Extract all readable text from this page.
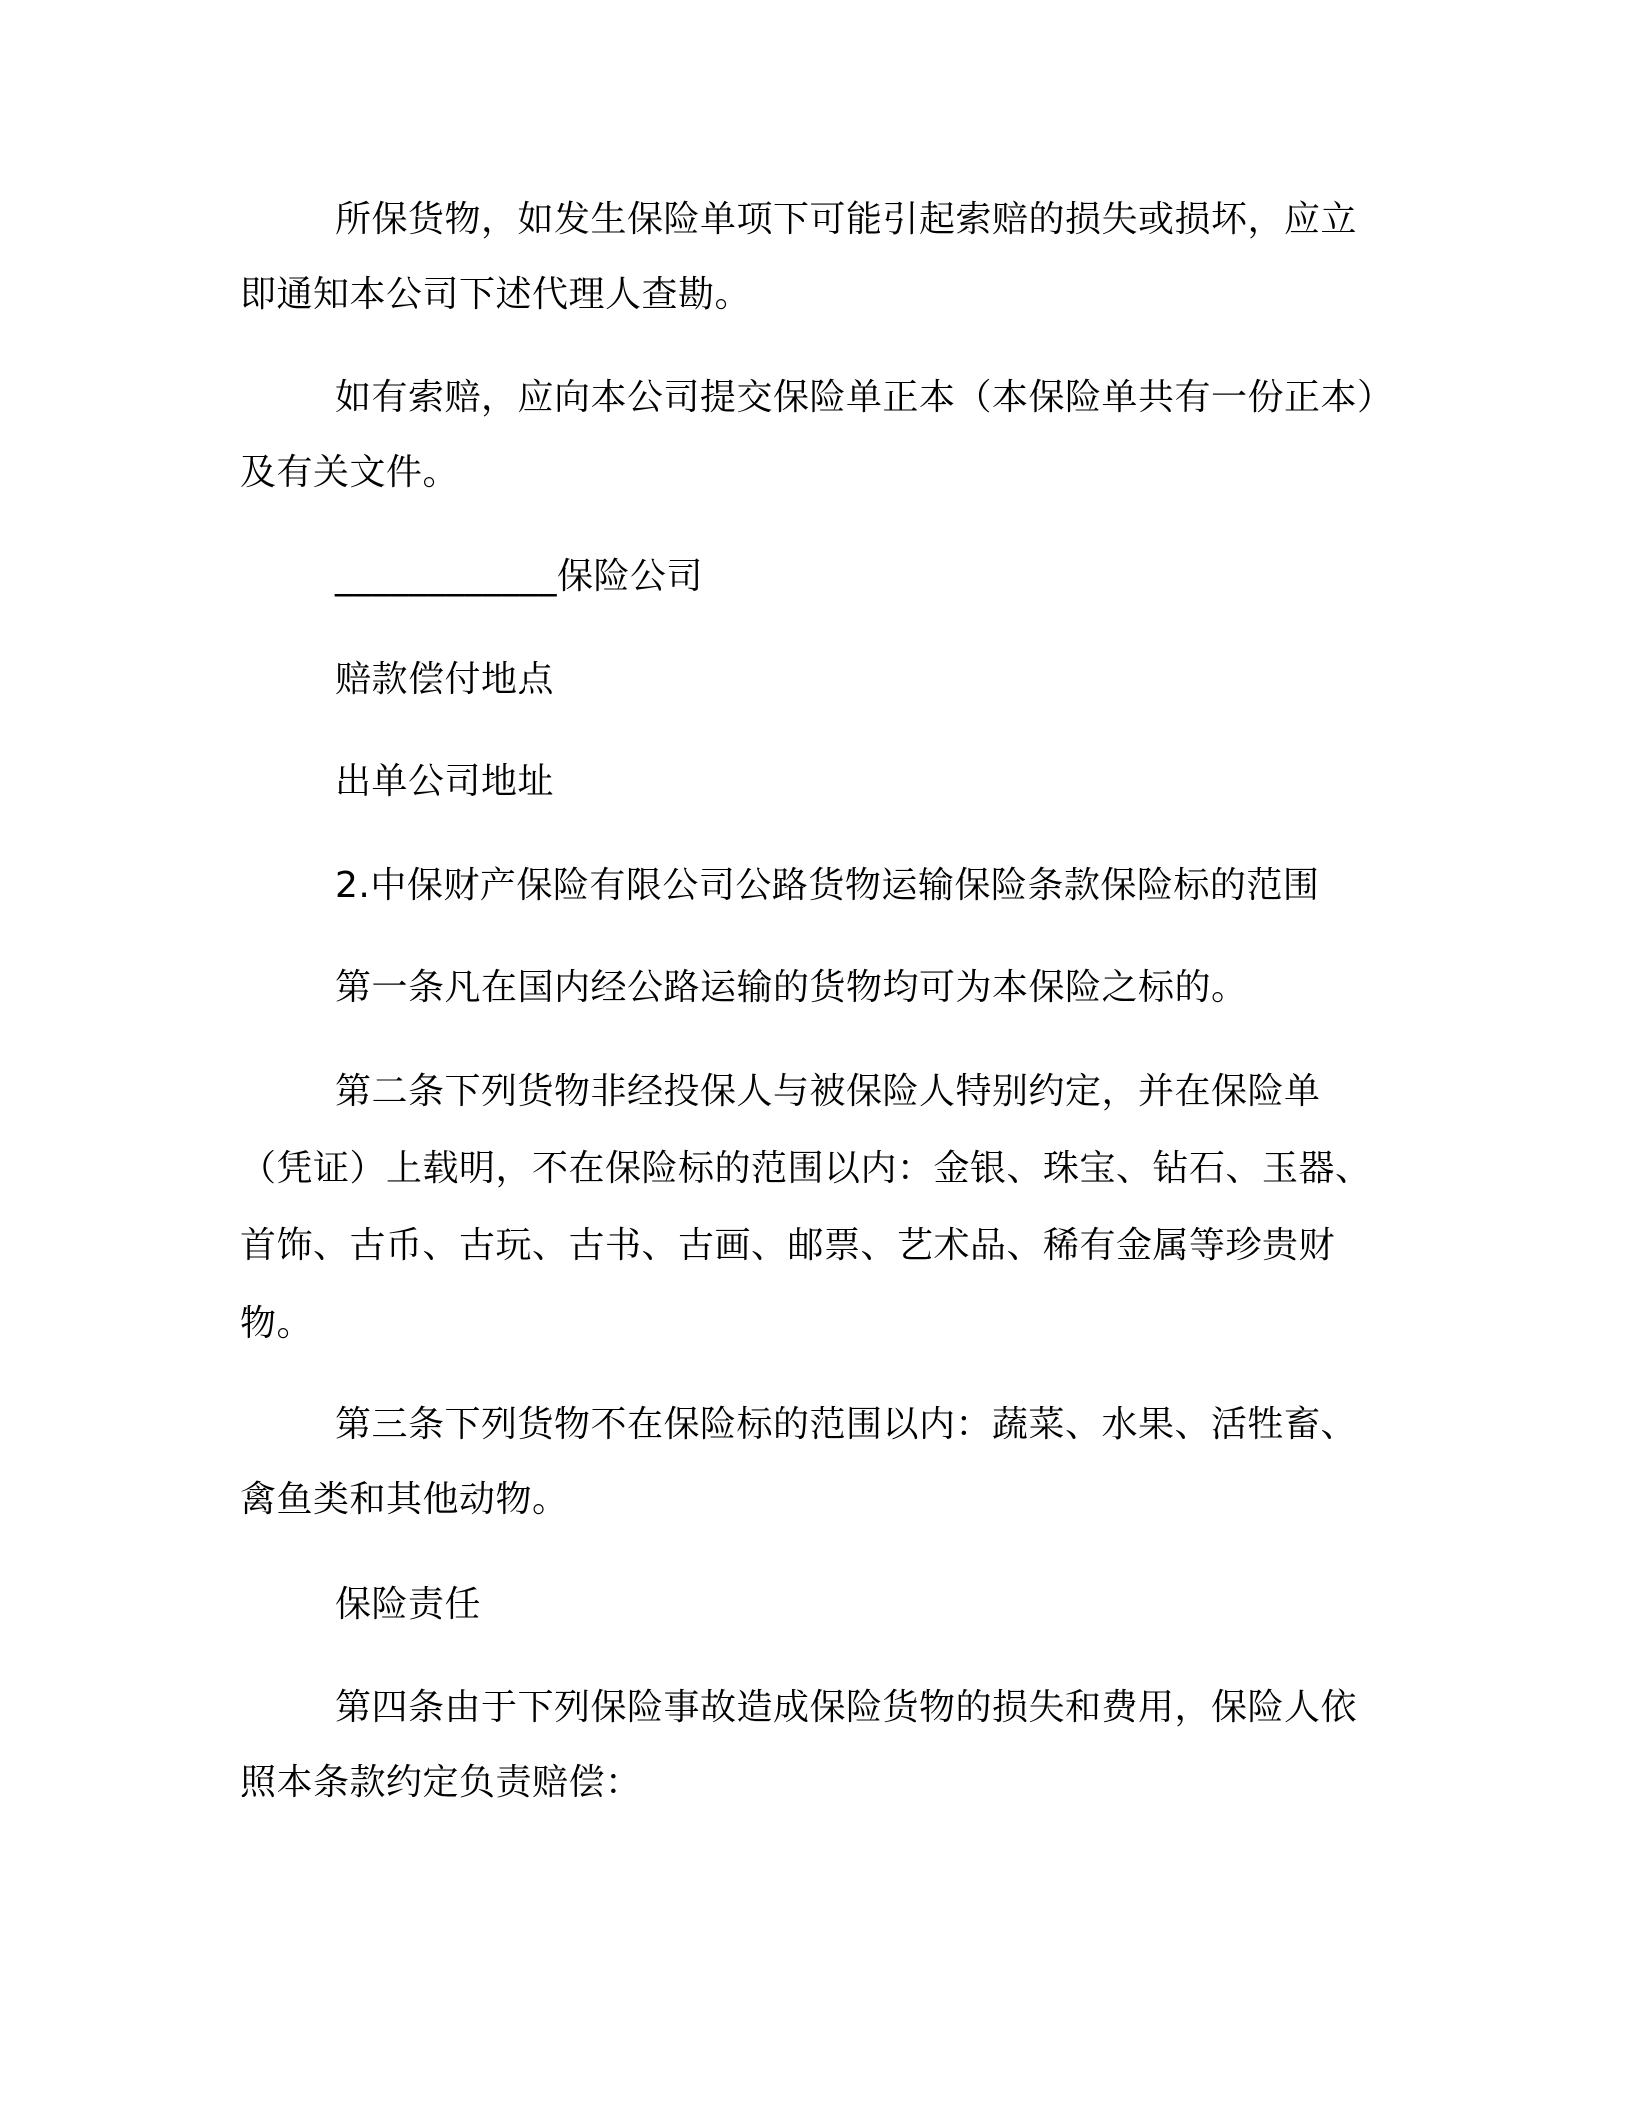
所保货物，如发生保险单项下可能引起索赔的损失或损坏，应立
即通知本公司下述代理人查勘。
如有索赔，应向本公司提交保险单正本（本保险单共有一份正本）
及有关文件。
____________保险公司
赔款偿付地点
出单公司地址
2.中保财产保险有限公司公路货物运输保险条款保险标的范围
第一条凡在国内经公路运输的货物均可为本保险之标的。
第二条下列货物非经投保人与被保险人特别约定，并在保险单
（凭证）上载明，不在保险标的范围以内：金银、珠宝、钻石、玉器、
首饰、古币、古玩、古书、古画、邮票、艺术品、稀有金属等珍贵财
物。
第三条下列货物不在保险标的范围以内：蔬菜、水果、活牲畜、
禽鱼类和其他动物。
保险责任
第四条由于下列保险事故造成保险货物的损失和费用，保险人依
照本条款约定负责赔偿：
